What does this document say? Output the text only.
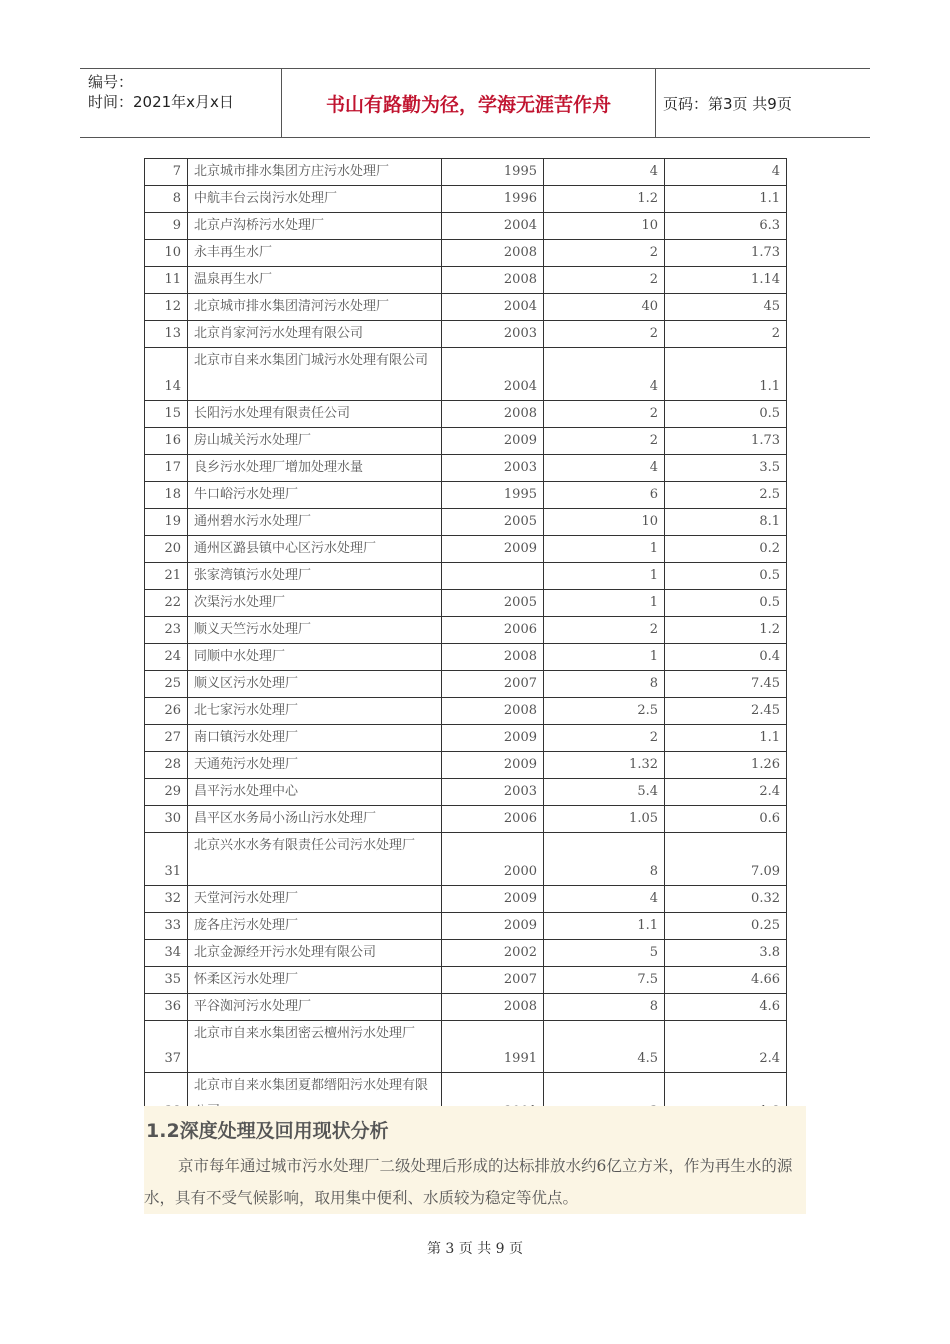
编号：
时间：2021年x月x日	书山有路勤为径，学海无涯苦作舟	页码：第3页 共9页
7	北京城市排水集团方庄污水处理厂	1995	4	4
8	中航丰台云岗污水处理厂	1996	1.2	1.1
9	北京卢沟桥污水处理厂	2004	10	6.3
10	永丰再生水厂	2008	2	1.73
11	温泉再生水厂	2008	2	1.14
12	北京城市排水集团清河污水处理厂	2004	40	45
13	北京肖家河污水处理有限公司	2003	2	2
14	北京市自来水集团门城污水处理有限公司	2004	4	1.1
15	长阳污水处理有限责任公司	2008	2	0.5
16	房山城关污水处理厂	2009	2	1.73
17	良乡污水处理厂增加处理水量	2003	4	3.5
18	牛口峪污水处理厂	1995	6	2.5
19	通州碧水污水处理厂	2005	10	8.1
20	通州区潞县镇中心区污水处理厂	2009	1	0.2
21	张家湾镇污水处理厂		1	0.5
22	次渠污水处理厂	2005	1	0.5
23	顺义天竺污水处理厂	2006	2	1.2
24	同顺中水处理厂	2008	1	0.4
25	顺义区污水处理厂	2007	8	7.45
26	北七家污水处理厂	2008	2.5	2.45
27	南口镇污水处理厂	2009	2	1.1
28	天通苑污水处理厂	2009	1.32	1.26
29	昌平污水处理中心	2003	5.4	2.4
30	昌平区水务局小汤山污水处理厂	2006	1.05	0.6
31	北京兴水水务有限责任公司污水处理厂	2000	8	7.09
32	天堂河污水处理厂	2009	4	0.32
33	庞各庄污水处理厂	2009	1.1	0.25
34	北京金源经开污水处理有限公司	2002	5	3.8
35	怀柔区污水处理厂	2007	7.5	4.66
36	平谷洳河污水处理厂	2008	8	4.6
37	北京市自来水集团密云檀州污水处理厂	1991	4.5	2.4
	北京市自来水集团夏都缙阳污水处理有限			
1.2深度处理及回用现状分析
京市每年通过城市污水处理厂二级处理后形成的达标排放水约6亿立方米，作为再生水的源水，具有不受气候影响，取用集中便利、水质较为稳定等优点。
第 3 页 共 9 页
